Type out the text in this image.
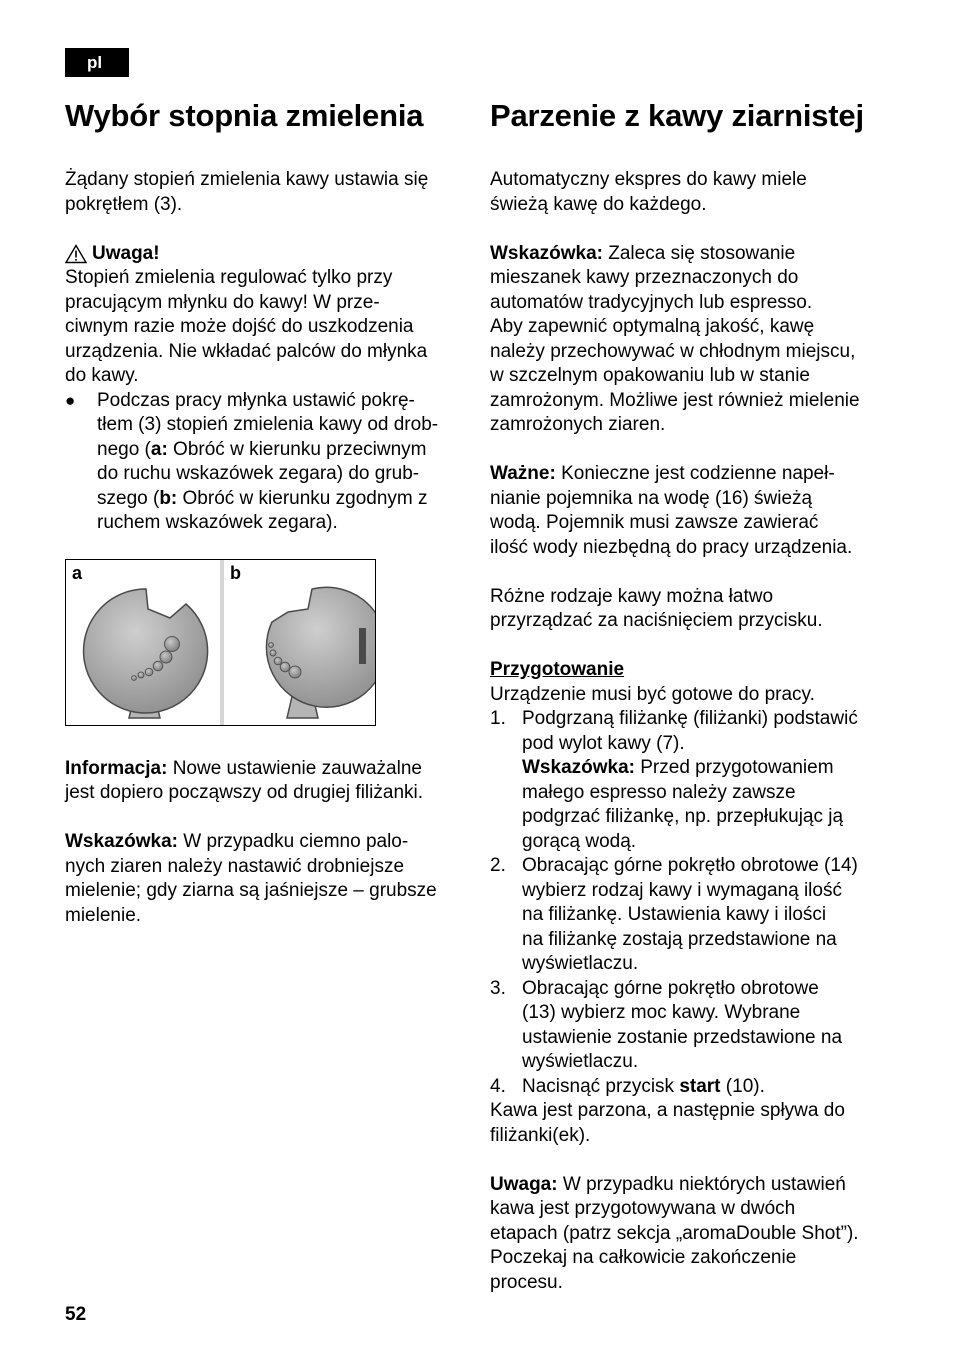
pl
Wybór stopnia zmielenia

Żądany stopień zmielenia kawy ustawia się
pokrętłem (3).

Uwaga!

Stopień zmielenia regulować tylko przy
pracującym młynku do kawy! W prze-
ciwnym razie może dojść do uszkodzenia
urządzenia. Nie wkładać palców do młynka
do kawy.

●	Podczas pracy młynka ustawić pokrę-
tłem (3) stopień zmielenia kawy od drob-
nego (a: Obróć w kierunku przeciwnym
do ruchu wskazówek zegara) do grub-
szego (b: Obróć w kierunku zgodnym z
ruchem wskazówek zegara).
a	b

Informacja: Nowe ustawienie zauważalne
jest dopiero począwszy od drugiej filiżanki.

Wskazówka: W przypadku ciemno palo-
nych ziaren należy nastawić drobniejsze
mielenie; gdy ziarna są jaśniejsze – grubsze
mielenie.

Parzenie z kawy ziarnistej

Automatyczny ekspres do kawy miele
świeżą kawę do każdego.

Wskazówka: Zaleca się stosowanie
mieszanek kawy przeznaczonych do
automatów tradycyjnych lub espresso.
Aby zapewnić optymalną jakość, kawę
należy przechowywać w chłodnym miejscu,
w szczelnym opakowaniu lub w stanie
zamrożonym. Możliwe jest również mielenie
zamrożonych ziaren.

Ważne: Konieczne jest codzienne napeł-
nianie pojemnika na wodę (16) świeżą
wodą. Pojemnik musi zawsze zawierać
ilość wody niezbędną do pracy urządzenia.

Różne rodzaje kawy można łatwo
przyrządzać za naciśnięciem przycisku.

Przygotowanie

Urządzenie musi być gotowe do pracy.

1. Podgrzaną filiżankę (filiżanki) podstawić
pod wylot kawy (7).
Wskazówka: Przed przygotowaniem
małego espresso należy zawsze
podgrzać filiżankę, np. przepłukując ją
gorącą wodą.
2. Obracając górne pokrętło obrotowe (14)
wybierz rodzaj kawy i wymaganą ilość
na filiżankę. Ustawienia kawy i ilości
na filiżankę zostają przedstawione na
wyświetlaczu.
3. Obracając górne pokrętło obrotowe
(13) wybierz moc kawy. Wybrane
ustawienie zostanie przedstawione na
wyświetlaczu.
4. Nacisnąć przycisk start (10).

Kawa jest parzona, a następnie spływa do
filiżanki(ek).

Uwaga: W przypadku niektórych ustawień
kawa jest przygotowywana w dwóch
etapach (patrz sekcja „aromaDouble Shot”).
Poczekaj na całkowicie zakończenie
procesu.

52
